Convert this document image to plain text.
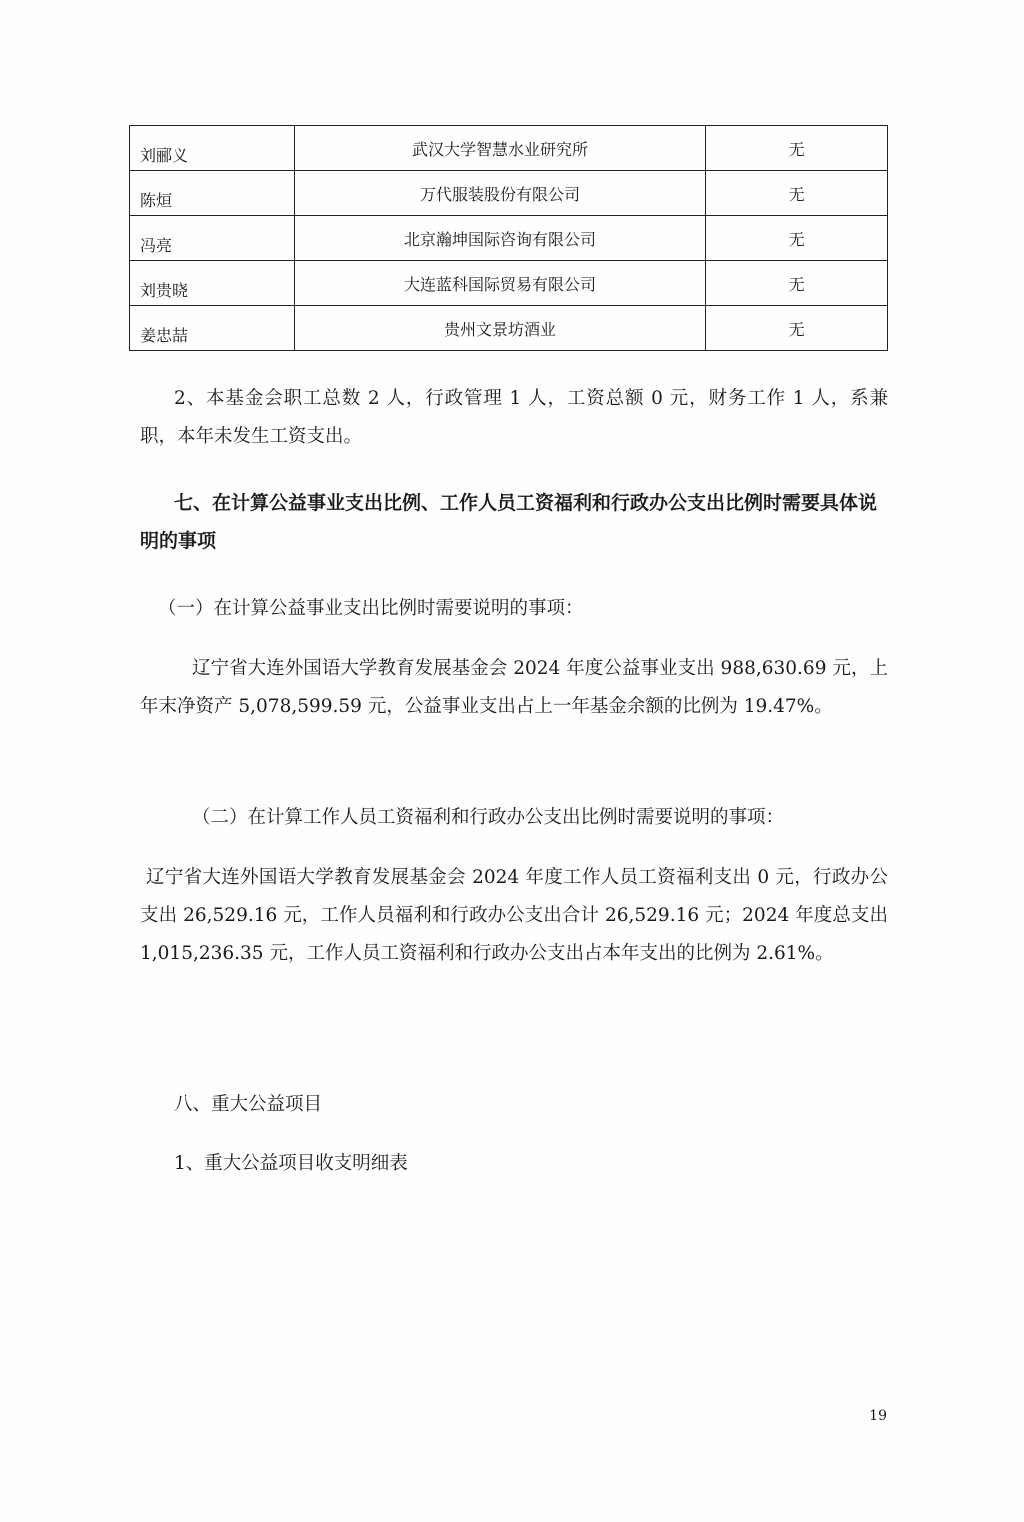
刘郦义	武汉大学智慧水业研究所	无
陈烜	万代服装股份有限公司	无
冯亮	北京瀚坤国际咨询有限公司	无
刘贵晓	大连蓝科国际贸易有限公司	无
姜忠喆	贵州文景坊酒业	无

2、本基金会职工总数 2 人，行政管理 1 人，工资总额 0 元，财务工作 1 人，系兼职，本年未发生工资支出。

七、在计算公益事业支出比例、工作人员工资福利和行政办公支出比例时需要具体说明的事项

（一）在计算公益事业支出比例时需要说明的事项：

辽宁省大连外国语大学教育发展基金会 2024 年度公益事业支出 988,630.69 元，上年末净资产 5,078,599.59 元，公益事业支出占上一年基金余额的比例为 19.47%。

（二）在计算工作人员工资福利和行政办公支出比例时需要说明的事项：

辽宁省大连外国语大学教育发展基金会 2024 年度工作人员工资福利支出 0 元，行政办公支出 26,529.16 元，工作人员福利和行政办公支出合计 26,529.16 元；2024 年度总支出 1,015,236.35 元，工作人员工资福利和行政办公支出占本年支出的比例为 2.61%。

八、重大公益项目

1、重大公益项目收支明细表

19
